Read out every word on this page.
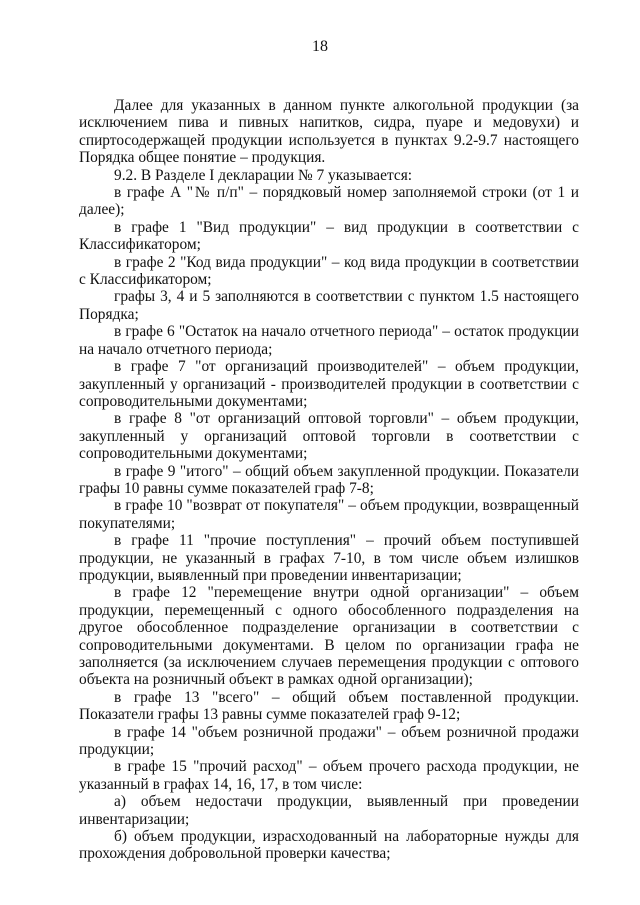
18

Далее для указанных в данном пункте алкогольной продукции (за исключением пива и пивных напитков, сидра, пуаре и медовухи) и спиртосодержащей продукции используется в пунктах 9.2-9.7 настоящего Порядка общее понятие – продукция.

9.2. В Разделе I декларации № 7 указывается:

в графе А "№ п/п" – порядковый номер заполняемой строки (от 1 и далее);

в графе 1 "Вид продукции" – вид продукции в соответствии с Классификатором;

в графе 2 "Код вида продукции" – код вида продукции в соответствии с Классификатором;

графы 3, 4 и 5 заполняются в соответствии с пунктом 1.5 настоящего Порядка;

в графе 6 "Остаток на начало отчетного периода" – остаток продукции на начало отчетного периода;

в графе 7 "от организаций производителей" – объем продукции, закупленный у организаций - производителей продукции в соответствии с сопроводительными документами;

в графе 8 "от организаций оптовой торговли" – объем продукции, закупленный у организаций оптовой торговли в соответствии с сопроводительными документами;

в графе 9 "итого" – общий объем закупленной продукции. Показатели графы 10 равны сумме показателей граф 7-8;

в графе 10 "возврат от покупателя" – объем продукции, возвращенный покупателями;

в графе 11 "прочие поступления" – прочий объем поступившей продукции, не указанный в графах 7-10, в том числе объем излишков продукции, выявленный при проведении инвентаризации;

в графе 12 "перемещение внутри одной организации" – объем продукции, перемещенный с одного обособленного подразделения на другое обособленное подразделение организации в соответствии с сопроводительными документами. В целом по организации графа не заполняется (за исключением случаев перемещения продукции с оптового объекта на розничный объект в рамках одной организации);

в графе 13 "всего" – общий объем поставленной продукции. Показатели графы 13 равны сумме показателей граф 9-12;

в графе 14 "объем розничной продажи" – объем розничной продажи продукции;

в графе 15 "прочий расход" – объем прочего расхода продукции, не указанный в графах 14, 16, 17, в том числе:

а) объем недостачи продукции, выявленный при проведении инвентаризации;

б) объем продукции, израсходованный на лабораторные нужды для прохождения добровольной проверки качества;
